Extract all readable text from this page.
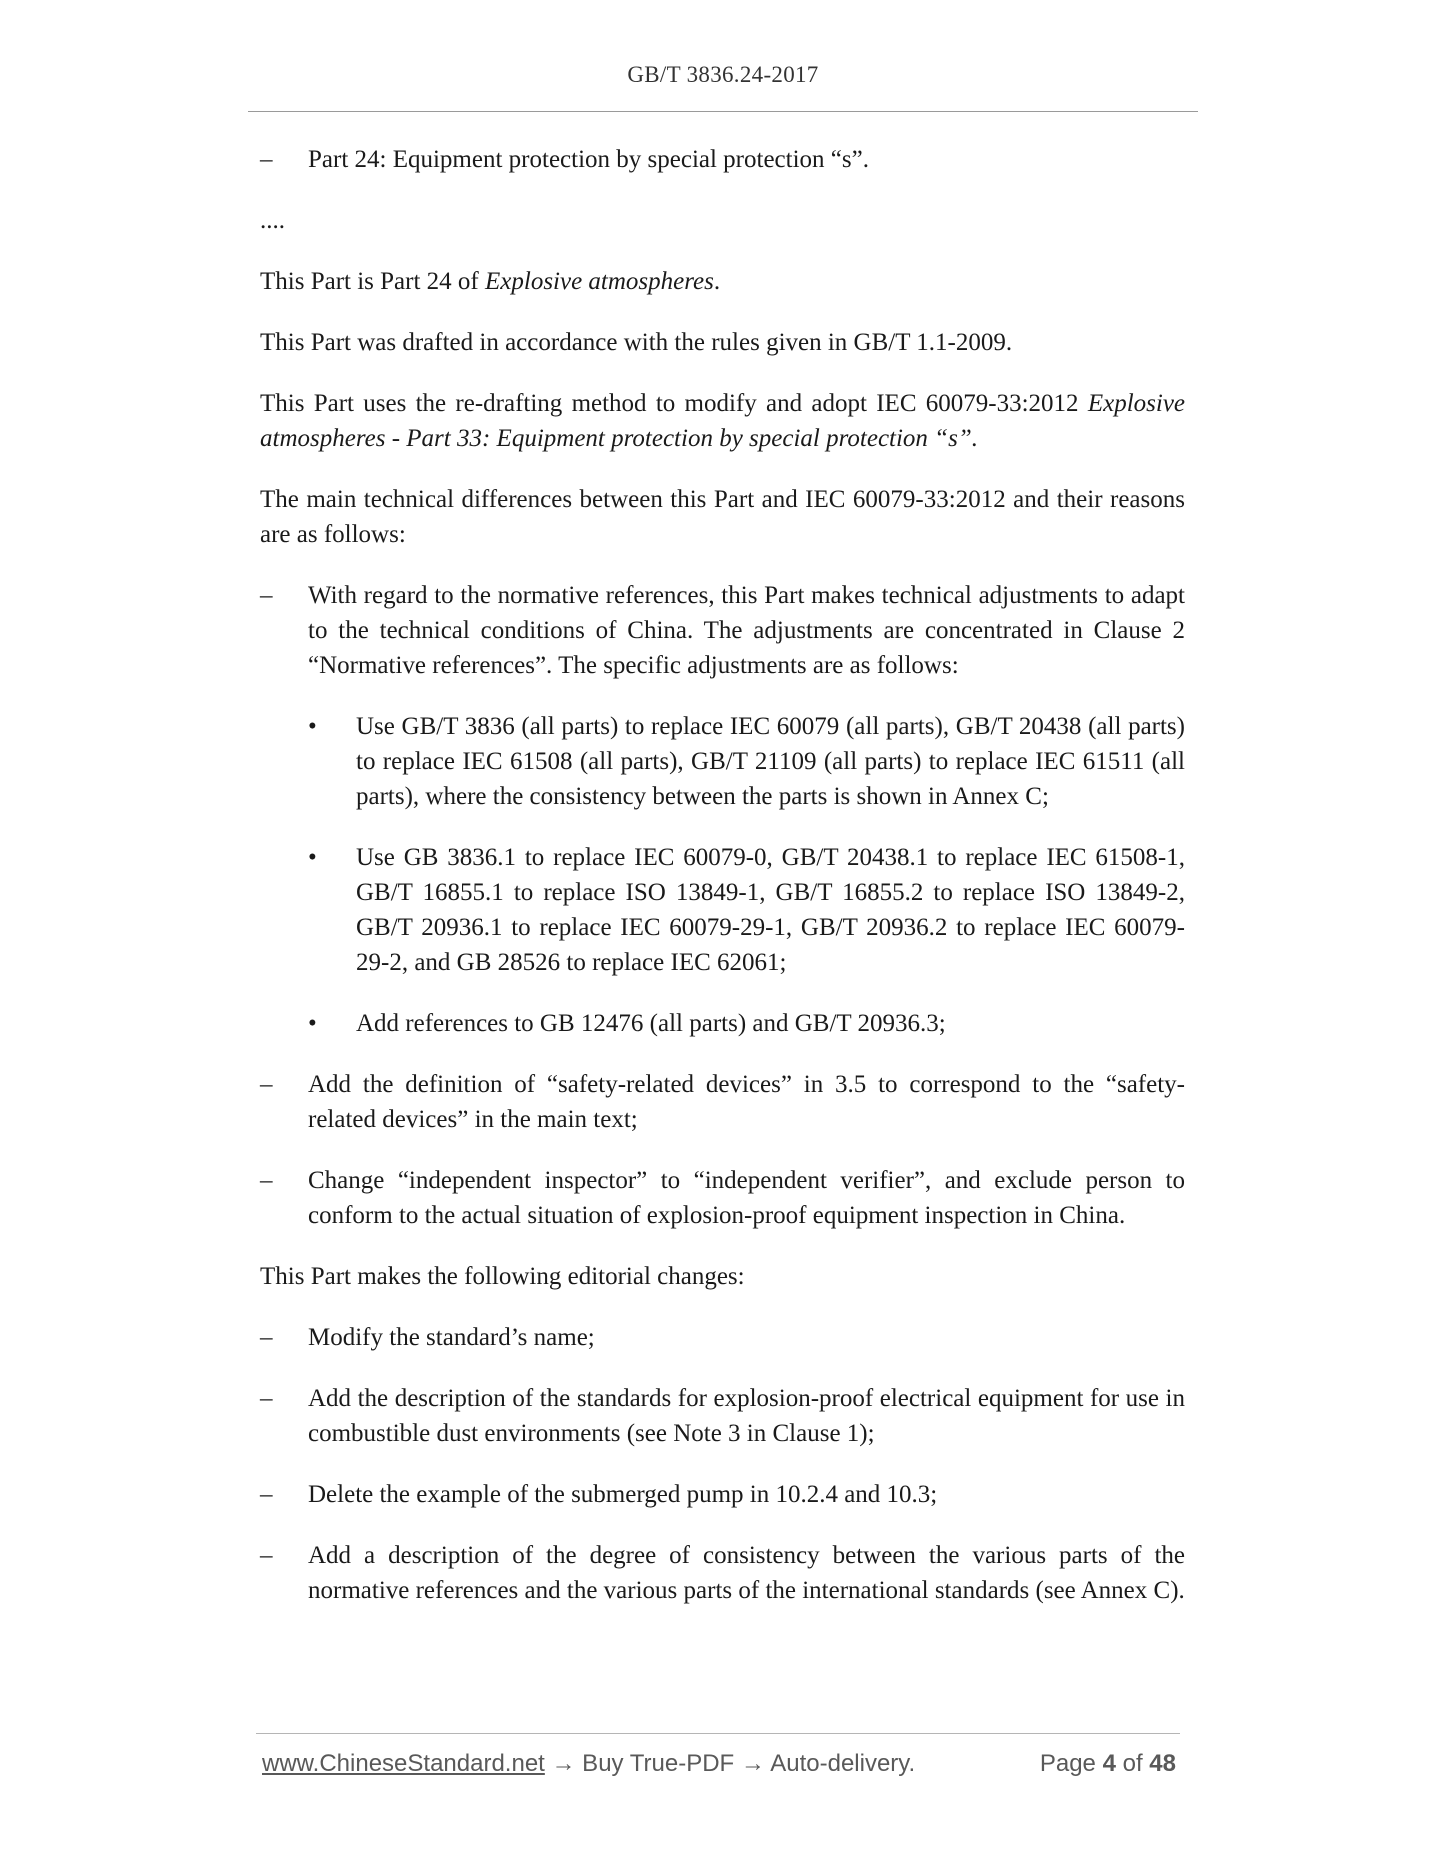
GB/T 3836.24-2017
– Part 24: Equipment protection by special protection “s”.
....
This Part is Part 24 of Explosive atmospheres.
This Part was drafted in accordance with the rules given in GB/T 1.1-2009.
This Part uses the re-drafting method to modify and adopt IEC 60079-33:2012 Explosive atmospheres - Part 33: Equipment protection by special protection “s”.
The main technical differences between this Part and IEC 60079-33:2012 and their reasons are as follows:
– With regard to the normative references, this Part makes technical adjustments to adapt to the technical conditions of China. The adjustments are concentrated in Clause 2 “Normative references”. The specific adjustments are as follows:
• Use GB/T 3836 (all parts) to replace IEC 60079 (all parts), GB/T 20438 (all parts) to replace IEC 61508 (all parts), GB/T 21109 (all parts) to replace IEC 61511 (all parts), where the consistency between the parts is shown in Annex C;
• Use GB 3836.1 to replace IEC 60079-0, GB/T 20438.1 to replace IEC 61508-1, GB/T 16855.1 to replace ISO 13849-1, GB/T 16855.2 to replace ISO 13849-2, GB/T 20936.1 to replace IEC 60079-29-1, GB/T 20936.2 to replace IEC 60079-29-2, and GB 28526 to replace IEC 62061;
• Add references to GB 12476 (all parts) and GB/T 20936.3;
– Add the definition of “safety-related devices” in 3.5 to correspond to the “safety-related devices” in the main text;
– Change “independent inspector” to “independent verifier”, and exclude person to conform to the actual situation of explosion-proof equipment inspection in China.
This Part makes the following editorial changes:
– Modify the standard’s name;
– Add the description of the standards for explosion-proof electrical equipment for use in combustible dust environments (see Note 3 in Clause 1);
– Delete the example of the submerged pump in 10.2.4 and 10.3;
– Add a description of the degree of consistency between the various parts of the normative references and the various parts of the international standards (see Annex C).
www.ChineseStandard.net → Buy True-PDF → Auto-delivery.	Page 4 of 48
